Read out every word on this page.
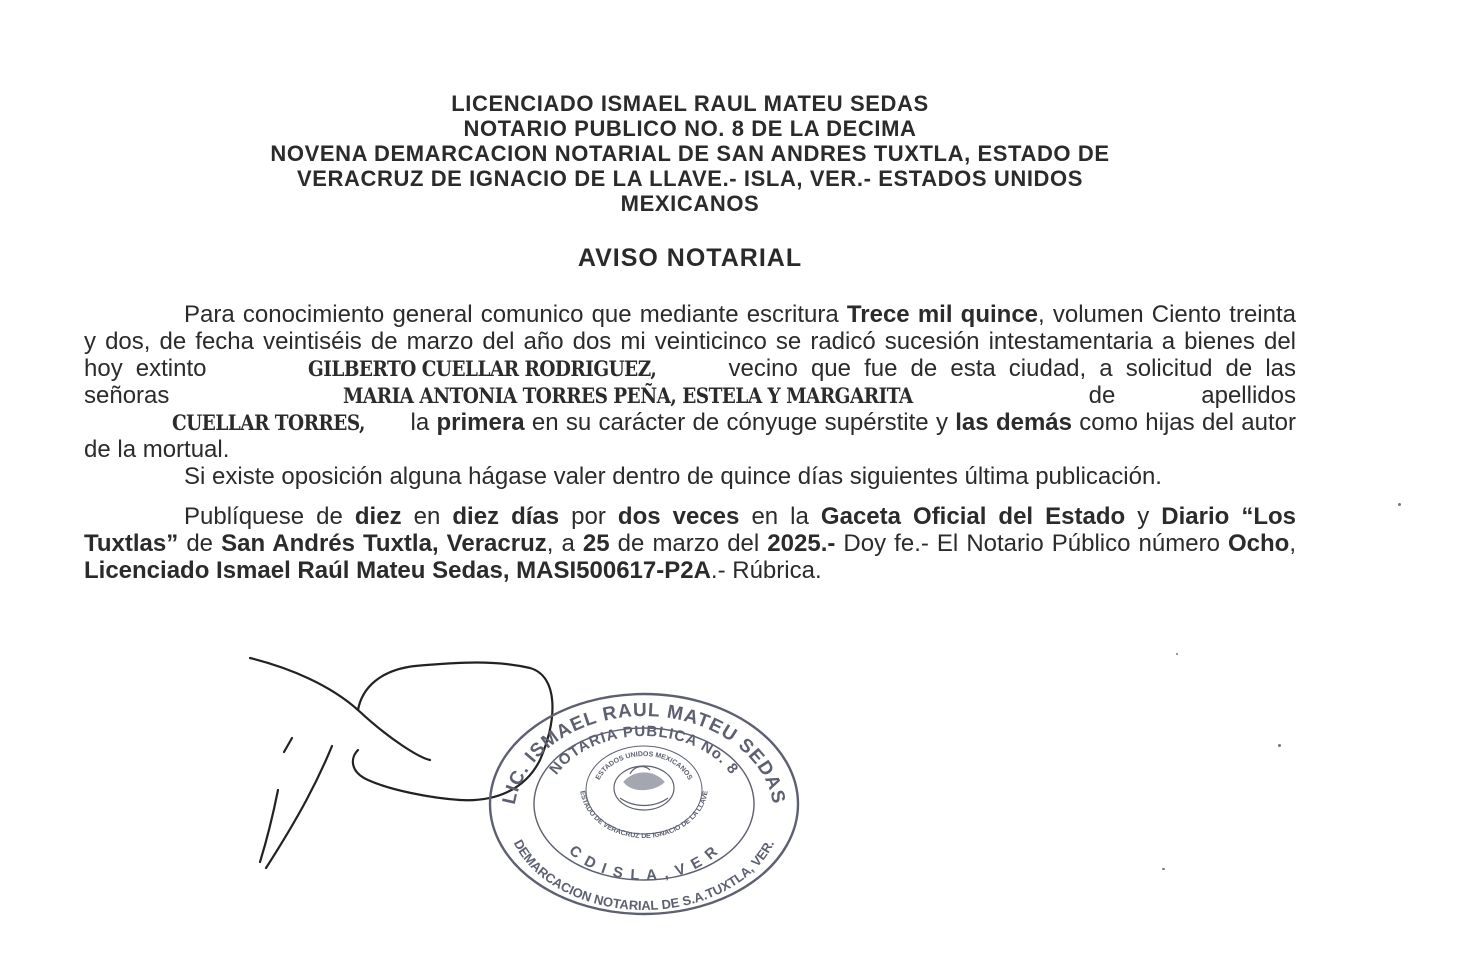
LICENCIADO ISMAEL RAUL MATEU SEDAS
NOTARIO PUBLICO NO. 8 DE LA DECIMA
NOVENA DEMARCACION NOTARIAL DE SAN ANDRES TUXTLA, ESTADO DE
VERACRUZ DE IGNACIO DE LA LLAVE.- ISLA, VER.- ESTADOS UNIDOS
MEXICANOS
AVISO NOTARIAL

Para conocimiento general comunico que mediante escritura Trece mil quince, volumen Ciento treinta y dos, de fecha veintiséis de marzo del año dos mi veinticinco se radicó sucesión intestamentaria a bienes del hoy extinto	GILBERTO CUELLAR RODRIGUEZ, vecino que fue de esta ciudad, a solicitud de las señoras	MARIA ANTONIA TORRES PEÑA, ESTELA Y MARGARITA	de apellidos CUELLAR TORRES, la primera en su carácter de cónyuge supérstite y las demás como hijas del autor de la mortual.

Si existe oposición alguna hágase valer dentro de quince días siguientes última publicación.

Publíquese de diez en diez días por dos veces en la Gaceta Oficial del Estado y Diario “Los Tuxtlas” de San Andrés Tuxtla, Veracruz, a 25 de marzo del 2025.- Doy fe.- El Notario Público número Ocho, Licenciado Ismael Raúl Mateu Sedas, MASI500617-P2A.- Rúbrica.

LIC. ISMAEL RAUL MATEU SEDAS
DEMARCACION NOTARIAL DE S.A.TUXTLA, VER.
NOTARIA PUBLICA No. 8
C D I S L A , V E R
ESTADOS UNIDOS MEXICANOS
ESTADO DE VERACRUZ DE IGNACIO DE LA LLAVE
